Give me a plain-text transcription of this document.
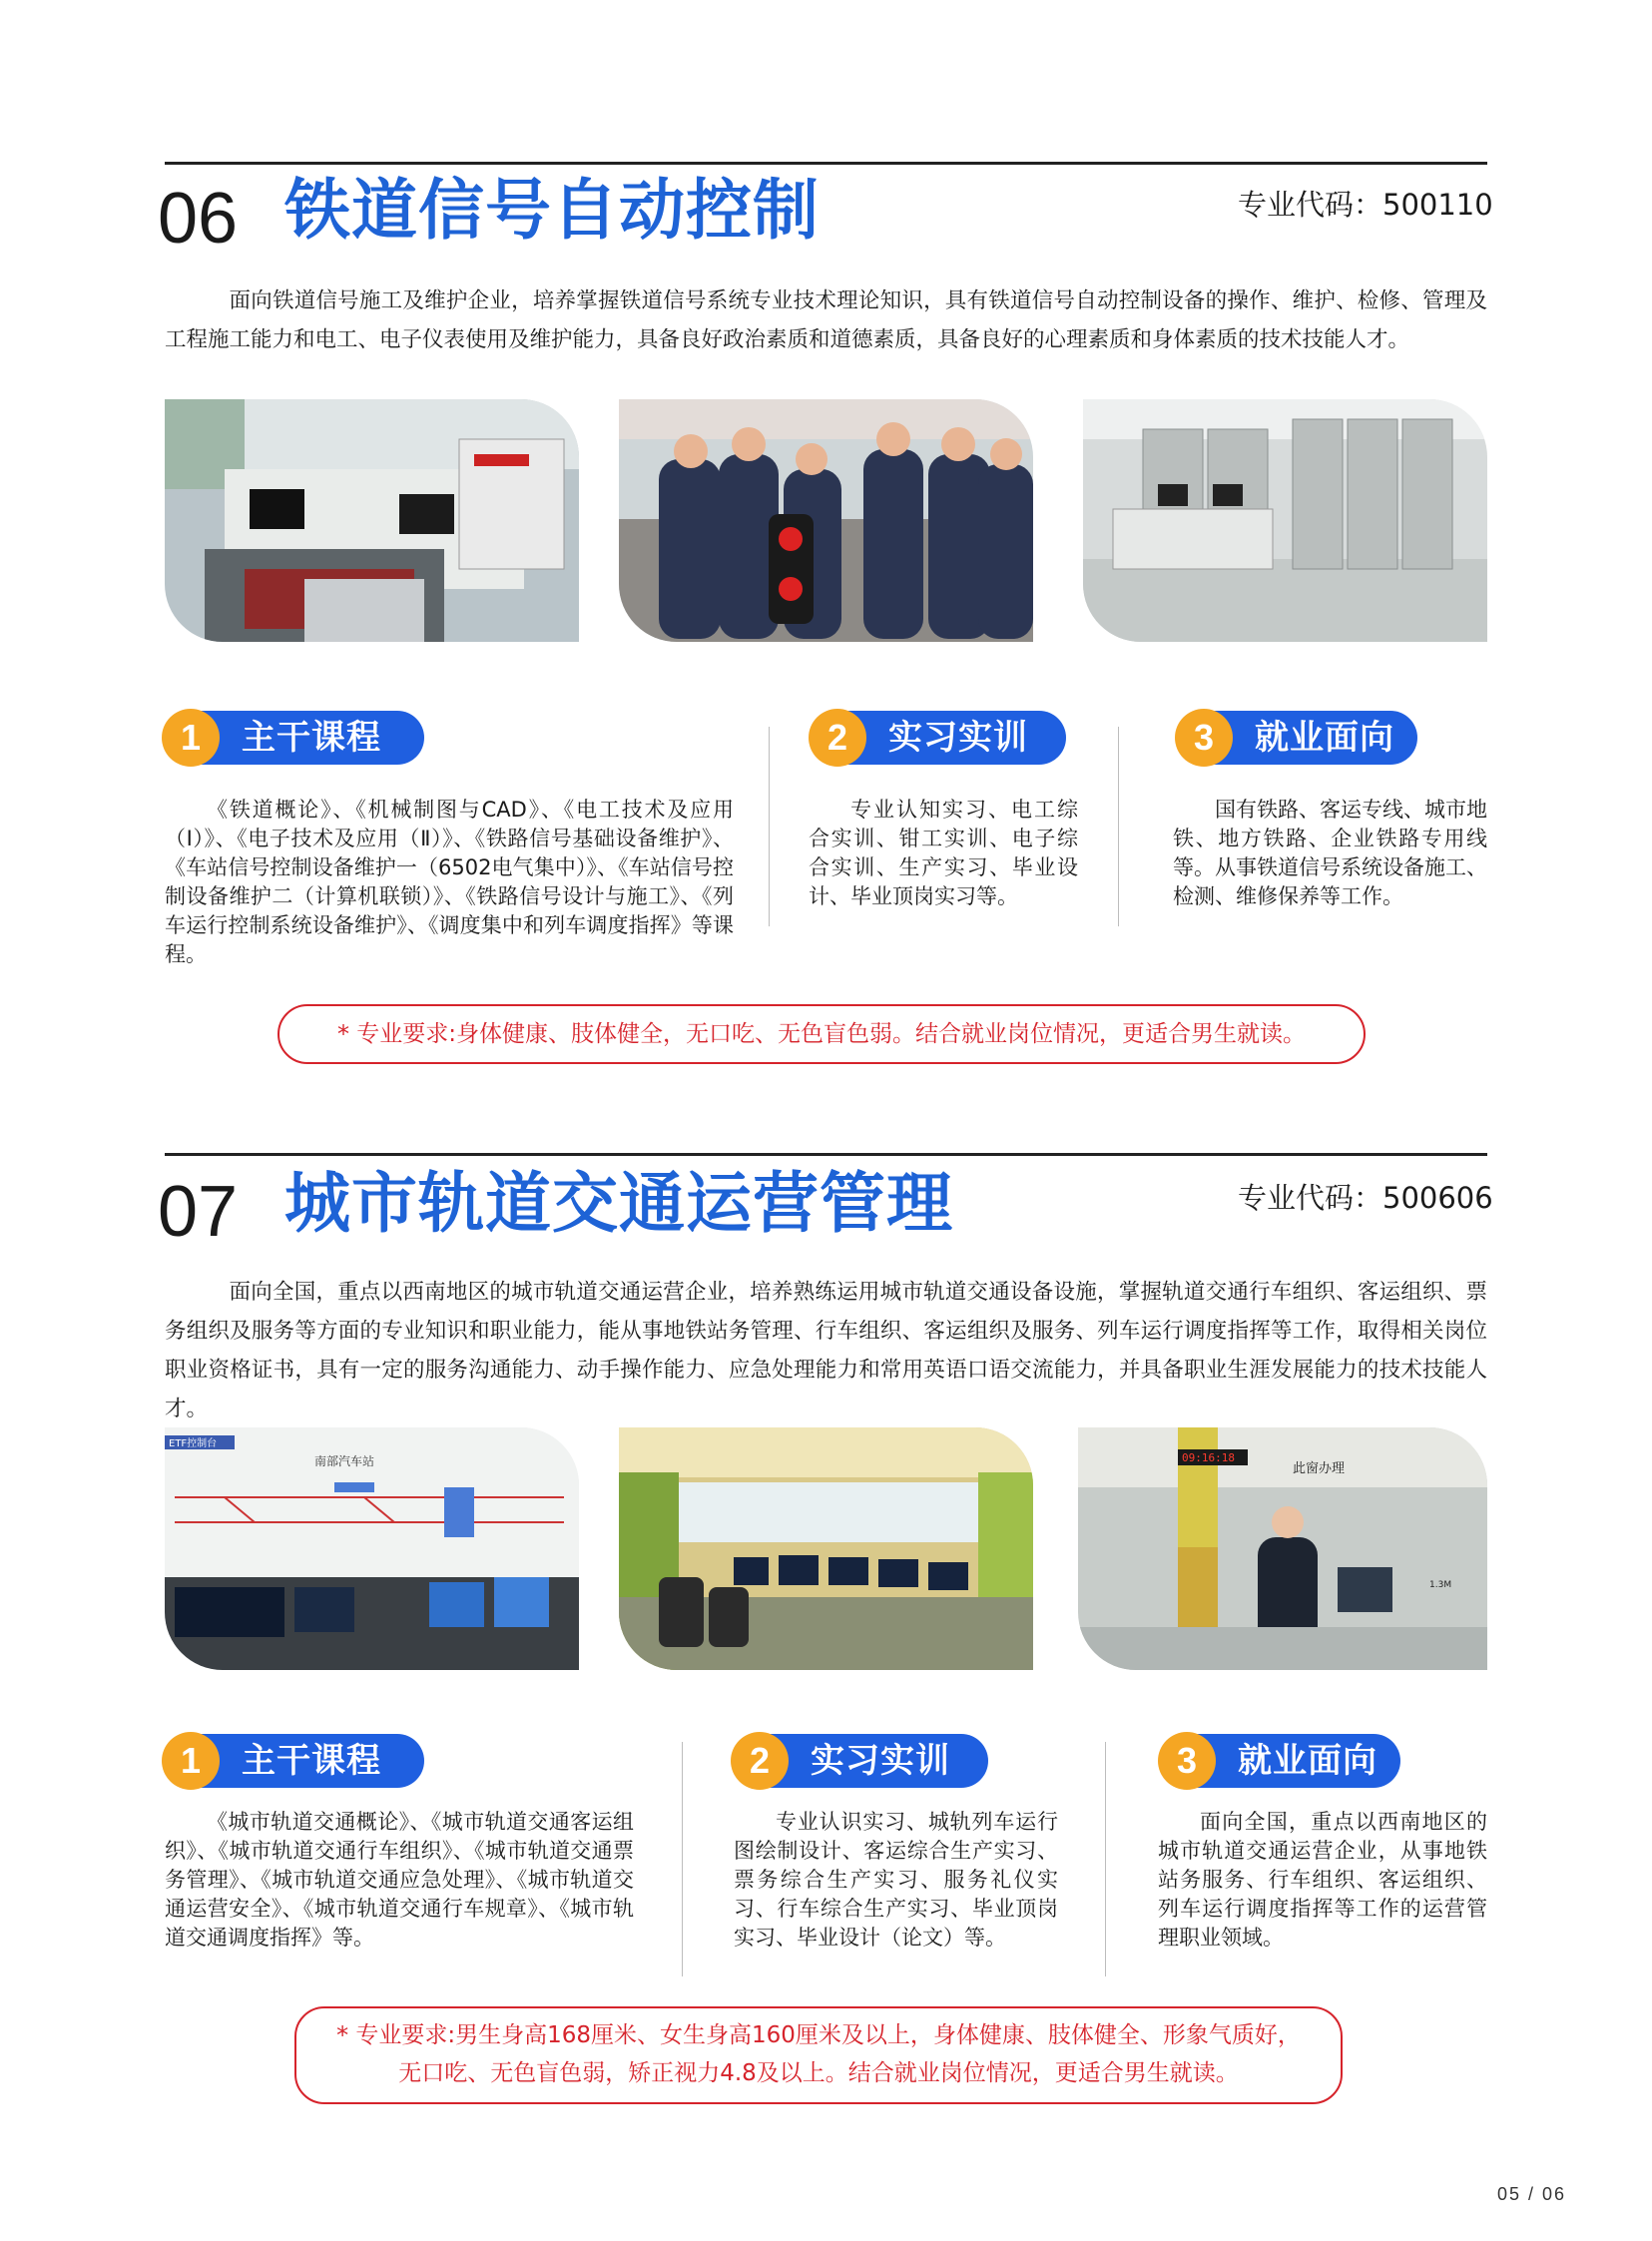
06 铁道信号自动控制	专业代码：500110
面向铁道信号施工及维护企业，培养掌握铁道信号系统专业技术理论知识，具有铁道信号自动控制设备的操作、维护、检修、管理及工程施工能力和电工、电子仪表使用及维护能力，具备良好政治素质和道德素质，具备良好的心理素质和身体素质的技术技能人才。
1	主干课程
《铁道概论》、《机械制图与CAD》、《电工技术及应用（Ⅰ）》、《电子技术及应用（Ⅱ）》、《铁路信号基础设备维护》、《车站信号控制设备维护一（6502电气集中）》、《车站信号控制设备维护二（计算机联锁）》、《铁路信号设计与施工》、《列车运行控制系统设备维护》、《调度集中和列车调度指挥》等课程。
2	实习实训
专业认知实习、电工综合实训、钳工实训、电子综合实训、生产实习、毕业设计、毕业顶岗实习等。
3	就业面向
国有铁路、客运专线、城市地铁、地方铁路、企业铁路专用线等。从事铁道信号系统设备施工、检测、维修保养等工作。
* 专业要求:身体健康、肢体健全，无口吃、无色盲色弱。结合就业岗位情况，更适合男生就读。
07 城市轨道交通运营管理	专业代码：500606
面向全国，重点以西南地区的城市轨道交通运营企业，培养熟练运用城市轨道交通设备设施，掌握轨道交通行车组织、客运组织、票务组织及服务等方面的专业知识和职业能力，能从事地铁站务管理、行车组织、客运组织及服务、列车运行调度指挥等工作，取得相关岗位职业资格证书，具有一定的服务沟通能力、动手操作能力、应急处理能力和常用英语口语交流能力，并具备职业生涯发展能力的技术技能人才。
ETF控制台
南部汽车站	09:16:18
此窗办理
1.3M
1	主干课程
《城市轨道交通概论》、《城市轨道交通客运组织》、《城市轨道交通行车组织》、《城市轨道交通票务管理》、《城市轨道交通应急处理》、《城市轨道交通运营安全》、《城市轨道交通行车规章》、《城市轨道交通调度指挥》等。
2	实习实训
专业认识实习、城轨列车运行图绘制设计、客运综合生产实习、票务综合生产实习、服务礼仪实习、行车综合生产实习、毕业顶岗实习、毕业设计（论文）等。
3	就业面向
面向全国，重点以西南地区的城市轨道交通运营企业，从事地铁站务服务、行车组织、客运组织、列车运行调度指挥等工作的运营管理职业领域。
* 专业要求:男生身高168厘米、女生身高160厘米及以上，身体健康、肢体健全、形象气质好，
无口吃、无色盲色弱，矫正视力4.8及以上。结合就业岗位情况，更适合男生就读。
05 / 06
